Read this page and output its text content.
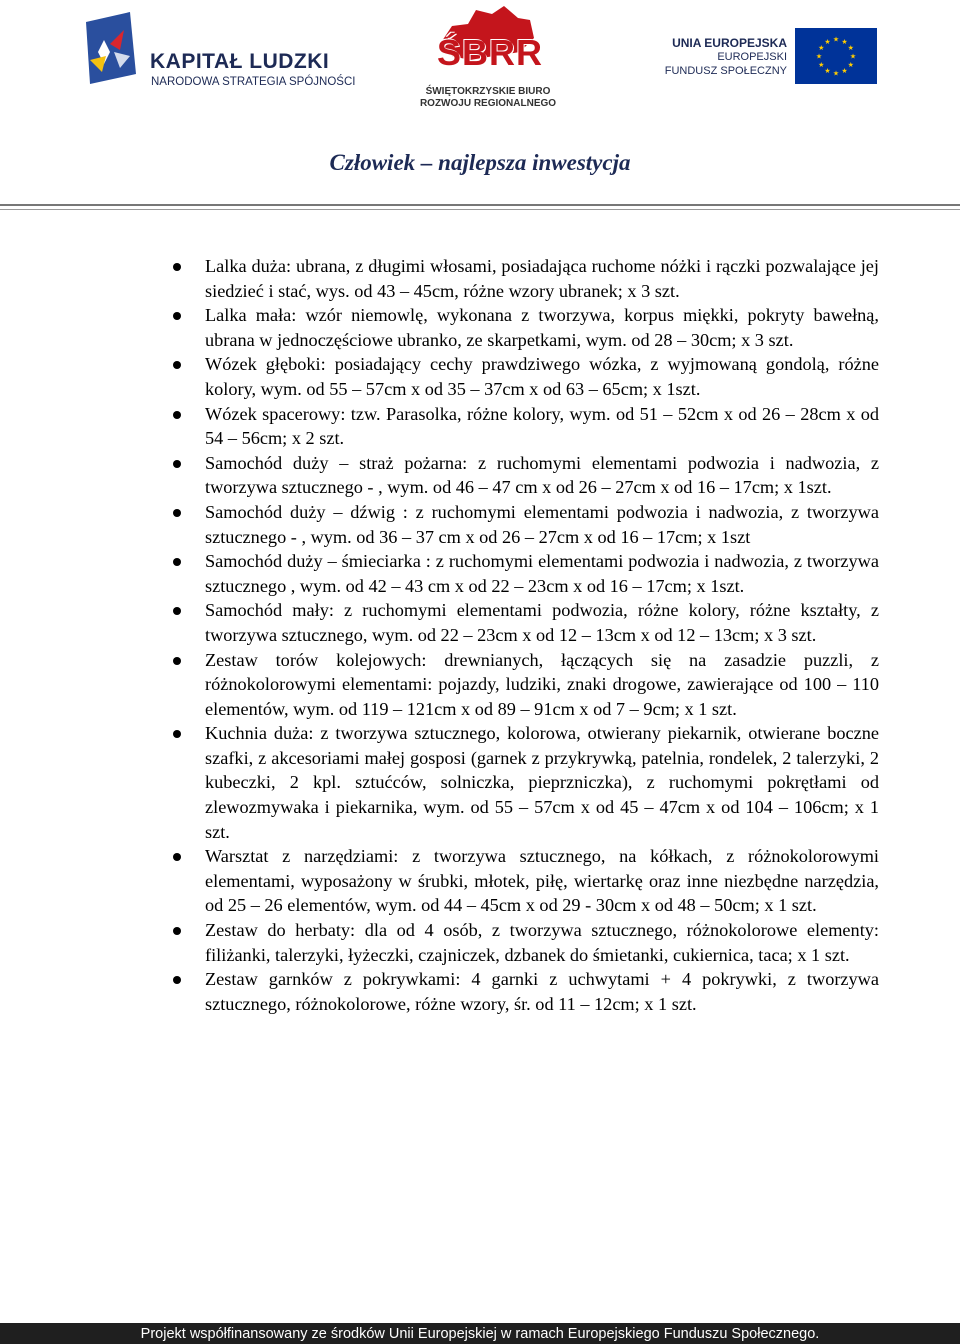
KAPITAŁ LUDZKI
NARODOWA STRATEGIA SPÓJNOŚCI
ŚBRR
ŚWIĘTOKRZYSKIE BIURO
ROZWOJU REGIONALNEGO
UNIA EUROPEJSKA
EUROPEJSKI
FUNDUSZ SPOŁECZNY
★ ★
★
★
★
★
★
★
★
★
★
★
Człowiek – najlepsza inwestycja
Lalka duża: ubrana, z długimi włosami, posiadająca ruchome nóżki i rączki pozwalające jej siedzieć i stać, wys. od 43 – 45cm, różne wzory ubranek; x 3 szt.
Lalka mała: wzór niemowlę, wykonana z tworzywa, korpus miękki, pokryty bawełną, ubrana w jednoczęściowe ubranko, ze skarpetkami, wym. od 28 – 30cm; x 3 szt.
Wózek głęboki: posiadający cechy prawdziwego wózka, z wyjmowaną gondolą, różne kolory, wym. od 55 – 57cm x od 35 – 37cm x od 63 – 65cm; x 1szt.
Wózek spacerowy: tzw. Parasolka, różne kolory, wym. od 51 – 52cm x od 26 – 28cm x od 54 – 56cm; x 2 szt.
Samochód duży – straż pożarna: z ruchomymi elementami podwozia i nadwozia, z tworzywa sztucznego - , wym. od 46 – 47 cm x od 26 – 27cm x od 16 – 17cm; x 1szt.
Samochód duży – dźwig : z ruchomymi elementami podwozia i nadwozia, z tworzywa sztucznego - , wym. od 36 – 37 cm x od 26 – 27cm x od 16 – 17cm; x 1szt
Samochód duży – śmieciarka : z ruchomymi elementami podwozia i nadwozia, z tworzywa sztucznego , wym. od 42 – 43 cm x od 22 – 23cm x od 16 – 17cm; x 1szt.
Samochód mały: z ruchomymi elementami podwozia, różne kolory, różne kształty, z tworzywa sztucznego, wym. od 22 – 23cm x od 12 – 13cm x od 12 – 13cm; x 3 szt.
Zestaw torów kolejowych: drewnianych, łączących się na zasadzie puzzli, z różnokolorowymi elementami: pojazdy, ludziki, znaki drogowe, zawierające od 100 – 110 elementów, wym. od 119 – 121cm x od 89 – 91cm x od 7 – 9cm; x 1 szt.
Kuchnia duża: z tworzywa sztucznego, kolorowa, otwierany piekarnik, otwierane boczne szafki, z akcesoriami małej gosposi (garnek z przykrywką, patelnia, rondelek, 2 talerzyki, 2 kubeczki, 2 kpl. sztućców, solniczka, pieprzniczka), z ruchomymi pokrętłami od zlewozmywaka i piekarnika, wym. od 55 – 57cm x od 45 – 47cm x od 104 – 106cm; x 1 szt.
Warsztat z narzędziami: z tworzywa sztucznego, na kółkach, z różnokolorowymi elementami, wyposażony w śrubki, młotek, piłę, wiertarkę oraz inne niezbędne narzędzia, od 25 – 26 elementów, wym. od 44 – 45cm x od 29 - 30cm x od 48 – 50cm; x 1 szt.
Zestaw do herbaty: dla od 4 osób, z tworzywa sztucznego, różnokolorowe elementy: filiżanki, talerzyki, łyżeczki, czajniczek, dzbanek do śmietanki, cukiernica, taca; x 1 szt.
Zestaw garnków z pokrywkami: 4 garnki z uchwytami + 4 pokrywki, z tworzywa sztucznego, różnokolorowe, różne wzory, śr. od 11 – 12cm; x 1 szt.
Projekt współfinansowany ze środków Unii Europejskiej w ramach Europejskiego Funduszu Społecznego.
